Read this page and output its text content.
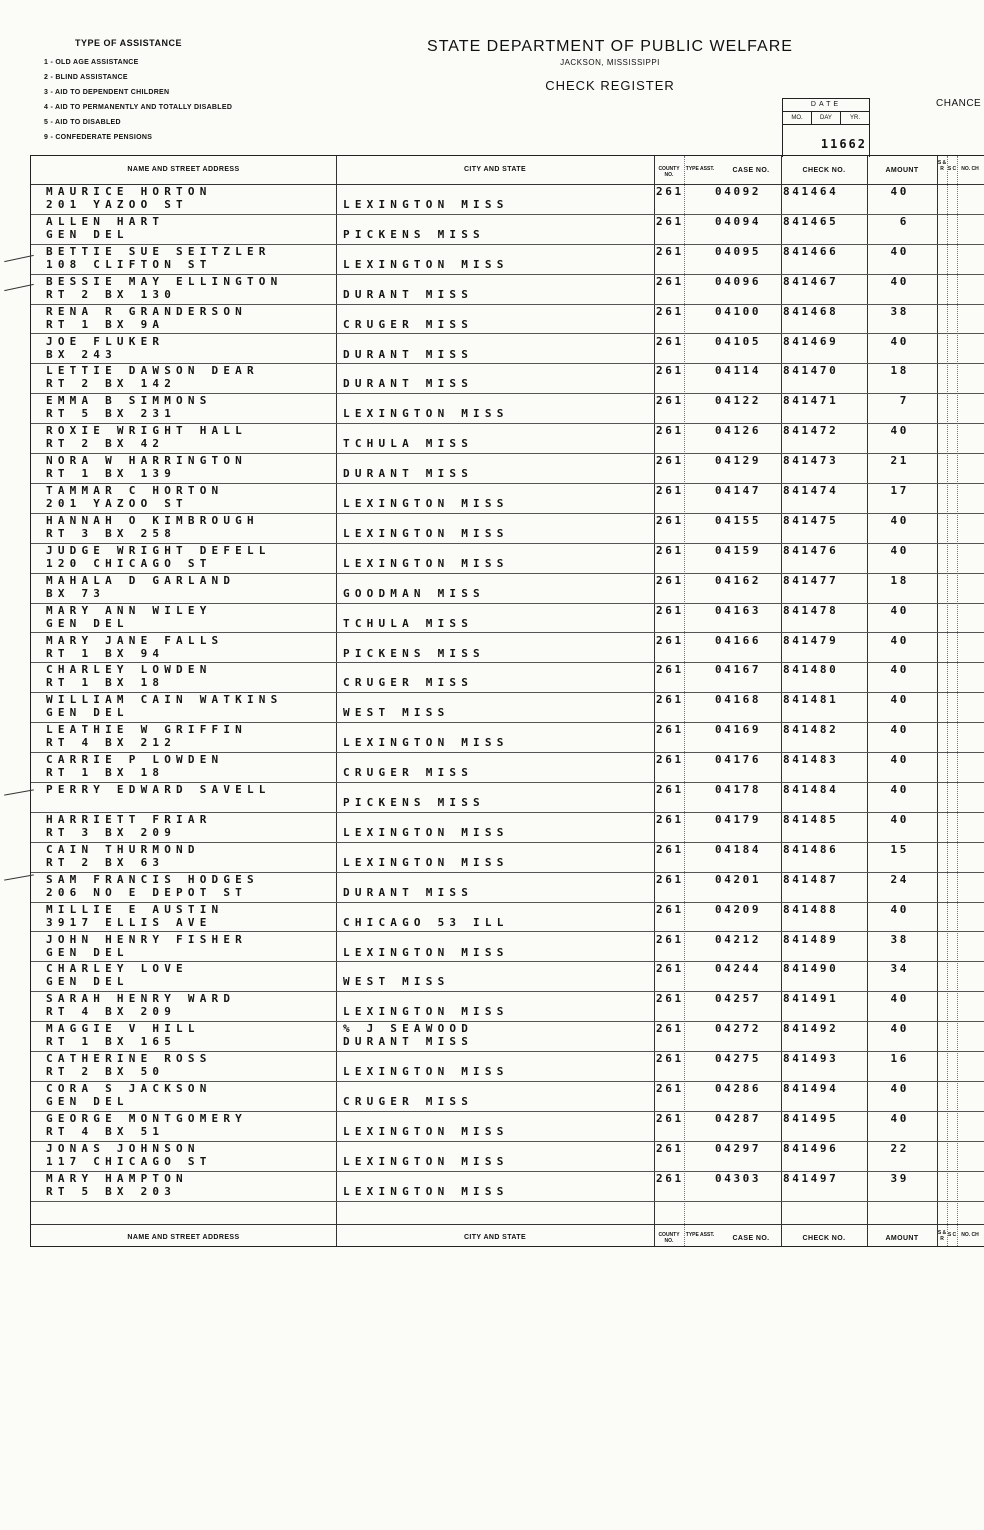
TYPE OF ASSISTANCE
1 - OLD AGE ASSISTANCE
2 - BLIND ASSISTANCE
3 - AID TO DEPENDENT CHILDREN
4 - AID TO PERMANENTLY AND TOTALLY DISABLED
5 - AID TO DISABLED
9 - CONFEDERATE PENSIONS
STATE DEPARTMENT OF PUBLIC WELFARE
JACKSON, MISSISSIPPI
CHECK REGISTER
CHANCE
DATE
MO.	DAY	YR.
11662
NAME AND STREET ADDRESS	CITY AND STATE	COUNTY NO.
TYPE ASST.	CASE NO.	CHECK NO.	AMOUNT
S & R S C	NO. CH
NAME AND STREET ADDRESS	CITY AND STATE	COUNTY NO.
TYPE ASST.	CASE NO.	CHECK NO.	AMOUNT
S & R
S C	NO. CH
MAURICE HORTON
201 YAZOO ST	LEXINGTON MISS
261	04092 841464	40
ALLEN HART
GEN DEL	PICKENS MISS
261	04094 841465	6
BETTIE SUE SEITZLER
108 CLIFTON ST	LEXINGTON MISS
261	04095 841466	40
BESSIE MAY ELLINGTON
RT 2 BX 130	DURANT MISS
261	04096 841467	40
RENA R GRANDERSON
RT 1 BX 9A	CRUGER MISS
261	04100 841468	38
JOE FLUKER
BX 243	DURANT MISS
261	04105 841469	40
LETTIE DAWSON DEAR
RT 2 BX 142	DURANT MISS
261	04114 841470	18
EMMA B SIMMONS
RT 5 BX 231	LEXINGTON MISS
261	04122 841471	7
ROXIE WRIGHT HALL
RT 2 BX 42	TCHULA MISS
261	04126 841472	40
NORA W HARRINGTON
RT 1 BX 139	DURANT MISS
261	04129 841473	21
TAMMAR C HORTON
201 YAZOO ST	LEXINGTON MISS
261	04147 841474	17
HANNAH O KIMBROUGH
RT 3 BX 258	LEXINGTON MISS
261	04155 841475	40
JUDGE WRIGHT DEFELL
120 CHICAGO ST	LEXINGTON MISS
261	04159 841476	40
MAHALA D GARLAND
BX 73	GOODMAN MISS
261	04162 841477	18
MARY ANN WILEY
GEN DEL	TCHULA MISS
261	04163 841478	40
MARY JANE FALLS
RT 1 BX 94	PICKENS MISS
261	04166 841479	40
CHARLEY LOWDEN
RT 1 BX 18	CRUGER MISS
261	04167 841480	40
WILLIAM CAIN WATKINS
GEN DEL	WEST MISS
261	04168 841481	40
LEATHIE W GRIFFIN
RT 4 BX 212	LEXINGTON MISS
261	04169 841482	40
CARRIE P LOWDEN
RT 1 BX 18	CRUGER MISS
261	04176 841483	40
PERRY EDWARD SAVELL
PICKENS MISS
261	04178 841484	40
HARRIETT FRIAR
RT 3 BX 209	LEXINGTON MISS
261	04179 841485	40
CAIN THURMOND
RT 2 BX 63	LEXINGTON MISS
261	04184 841486	15
SAM FRANCIS HODGES
206 NO E DEPOT ST	DURANT MISS
261	04201 841487	24
MILLIE E AUSTIN
3917 ELLIS AVE	CHICAGO 53 ILL
261	04209 841488	40
JOHN HENRY FISHER
GEN DEL	LEXINGTON MISS
261	04212 841489	38
CHARLEY LOVE
GEN DEL	WEST MISS
261	04244 841490	34
SARAH HENRY WARD
RT 4 BX 209	LEXINGTON MISS
261	04257 841491	40
MAGGIE V HILL
RT 1 BX 165
% J SEAWOOD
DURANT MISS
261	04272 841492	40
CATHERINE ROSS
RT 2 BX 50	LEXINGTON MISS
261	04275 841493	16
CORA S JACKSON
GEN DEL	CRUGER MISS
261	04286 841494	40
GEORGE MONTGOMERY
RT 4 BX 51	LEXINGTON MISS
261	04287 841495	40
JONAS JOHNSON
117 CHICAGO ST	LEXINGTON MISS
261	04297 841496	22
MARY HAMPTON
RT 5 BX 203	LEXINGTON MISS
261	04303 841497	39
